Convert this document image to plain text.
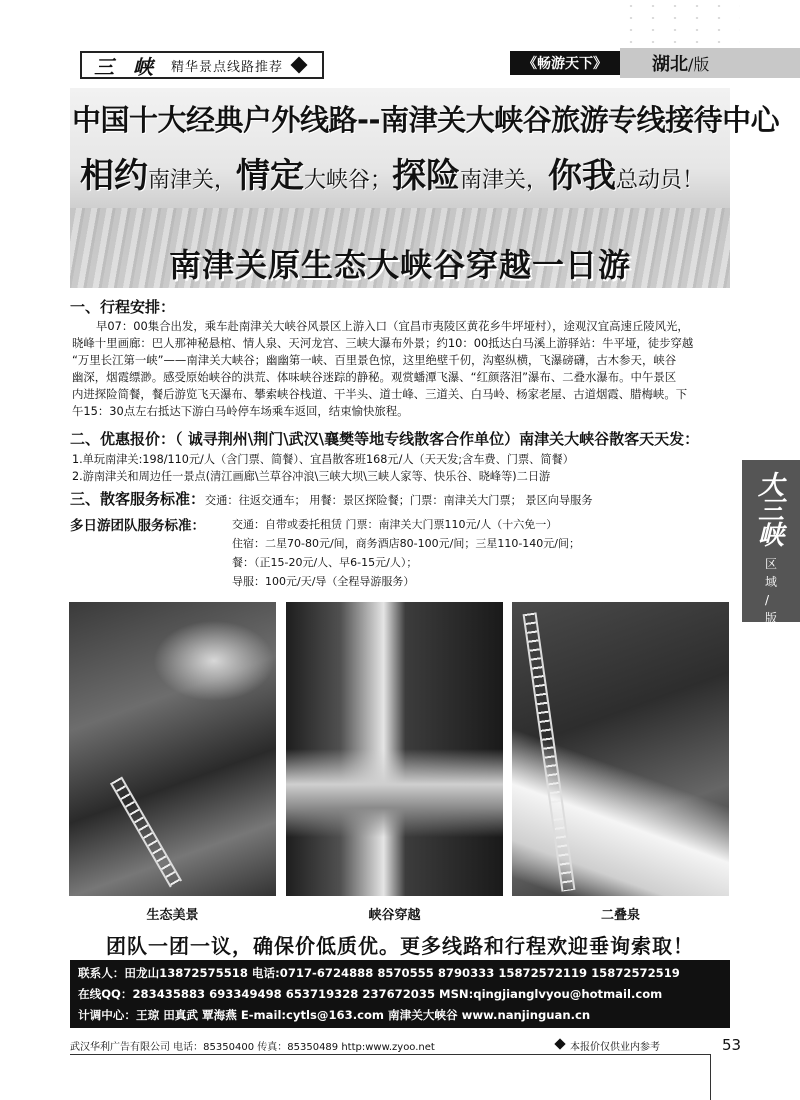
三 峡 精华景点线路推荐	《畅游天下》	湖北 /版
中国十大经典户外线路--南津关大峡谷旅游专线接待中心
相约南津关，情定大峡谷；探险南津关，你我总动员！
南津关原生态大峡谷穿越一日游
一、行程安排：
早07：00集合出发，乘车赴南津关大峡谷风景区上游入口（宜昌市夷陵区黄花乡牛坪垭村），途观汉宜高速丘陵风光，
晓峰十里画廊：巴人那神秘悬棺、情人泉、天河龙宫、三峡大瀑布外景；约10：00抵达白马溪上游驿站：牛平垭，徒步穿越
“万里长江第一峡”——南津关大峡谷；幽幽第一峡、百里景色惊，这里绝壁千仞，沟壑纵横，飞瀑磅礴，古木参天，峡谷
幽深，烟霞缥渺。感受原始峡谷的洪荒、体味峡谷迷踪的静秘。观赏蟠潭飞瀑、“红颜落泪”瀑布、二叠水瀑布。中午景区
内进探险简餐，餐后游览飞天瀑布、攀索峡谷栈道、干半头、道士峰、三道关、白马岭、杨家老屋、古道烟霞、腊梅峡。下
午15：30点左右抵达下游白马岭停车场乘车返回，结束愉快旅程。
二、优惠报价：（ 诚寻荆州\荆门\武汉\襄樊等地专线散客合作单位）南津关大峡谷散客天天发：
1.单玩南津关:198/110元/人（含门票、简餐）、宜昌散客班168元/人（天天发;含车费、门票、简餐）
2.游南津关和周边任一景点(清江画廊\兰草谷冲浪\三峡大坝\三峡人家等、快乐谷、晓峰等)二日游
三、散客服务标准：交通：往返交通车； 用餐：景区探险餐；门票：南津关大门票； 景区向导服务
多日游团队服务标准： 交通：自带或委托租赁 门票：南津关大门票110元/人（十六免一）
住宿：二星70-80元/间，商务酒店80-100元/间；三星110-140元/间；
餐：（正15-20元/人、早6-15元/人）；
导服：100元/天/导（全程导游服务）
大
三
峡
区
域
/
版
生态美景	峡谷穿越	二叠泉
团队一团一议，确保价低质优。更多线路和行程欢迎垂询索取！
联系人：田龙山13872575518 电话:0717-6724888 8570555 8790333 15872572119 15872572519
在线QQ：283435883 693349498 653719328 237672035 MSN:qingjianglvyou@hotmail.com
计调中心：王琼 田真武 覃海燕 E-mail:cytls@163.com 南津关大峡谷 www.nanjinguan.cn
武汉华利广告有限公司 电话：85350400 传真：85350489 http:www.zyoo.net	本报价仅供业内参考	53
